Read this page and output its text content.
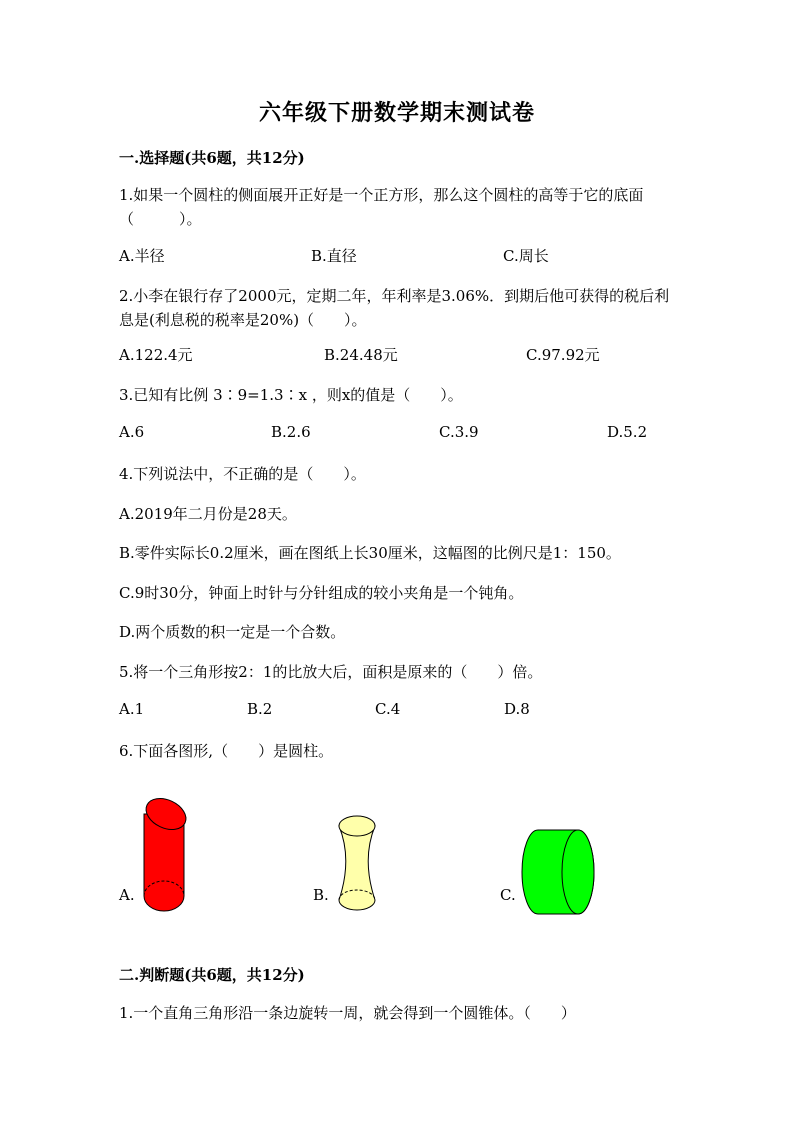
六年级下册数学期末测试卷
一.选择题(共6题，共12分)
1.如果一个圆柱的侧面展开正好是一个正方形，那么这个圆柱的高等于它的底面（　　　）。
A.半径	B.直径	C.周长
2.小李在银行存了2000元，定期二年，年利率是3.06%．到期后他可获得的税后利息是(利息税的税率是20%)（　　）。
A.122.4元	B.24.48元	C.97.92元
3.已知有比例 3∶9=1.3∶x ，则x的值是（　　）。
A.6	B.2.6	C.3.9	D.5.2
4.下列说法中，不正确的是（　　）。
A.2019年二月份是28天。
B.零件实际长0.2厘米，画在图纸上长30厘米，这幅图的比例尺是1：150。
C.9时30分，钟面上时针与分针组成的较小夹角是一个钝角。
D.两个质数的积一定是一个合数。
5.将一个三角形按2：1的比放大后，面积是原来的（　　）倍。
A.1	B.2	C.4	D.8
6.下面各图形,（　　）是圆柱。
A.	B.	C.
二.判断题(共6题，共12分)
1.一个直角三角形沿一条边旋转一周，就会得到一个圆锥体。（　　）
